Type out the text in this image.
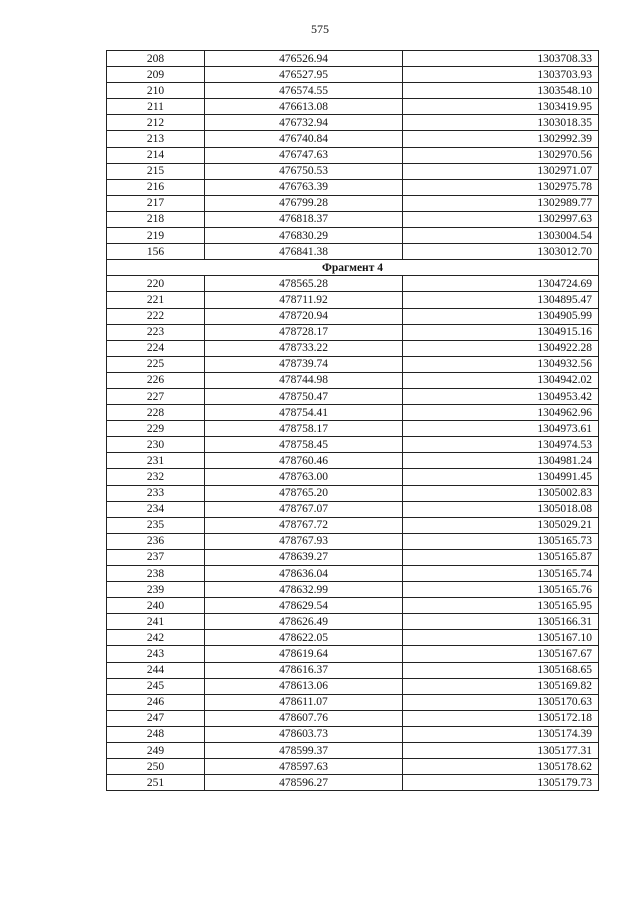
575
208	476526.94	1303708.33
209	476527.95	1303703.93
210	476574.55	1303548.10
211	476613.08	1303419.95
212	476732.94	1303018.35
213	476740.84	1302992.39
214	476747.63	1302970.56
215	476750.53	1302971.07
216	476763.39	1302975.78
217	476799.28	1302989.77
218	476818.37	1302997.63
219	476830.29	1303004.54
156	476841.38	1303012.70
Фрагмент 4		
220	478565.28	1304724.69
221	478711.92	1304895.47
222	478720.94	1304905.99
223	478728.17	1304915.16
224	478733.22	1304922.28
225	478739.74	1304932.56
226	478744.98	1304942.02
227	478750.47	1304953.42
228	478754.41	1304962.96
229	478758.17	1304973.61
230	478758.45	1304974.53
231	478760.46	1304981.24
232	478763.00	1304991.45
233	478765.20	1305002.83
234	478767.07	1305018.08
235	478767.72	1305029.21
236	478767.93	1305165.73
237	478639.27	1305165.87
238	478636.04	1305165.74
239	478632.99	1305165.76
240	478629.54	1305165.95
241	478626.49	1305166.31
242	478622.05	1305167.10
243	478619.64	1305167.67
244	478616.37	1305168.65
245	478613.06	1305169.82
246	478611.07	1305170.63
247	478607.76	1305172.18
248	478603.73	1305174.39
249	478599.37	1305177.31
250	478597.63	1305178.62
251	478596.27	1305179.73
